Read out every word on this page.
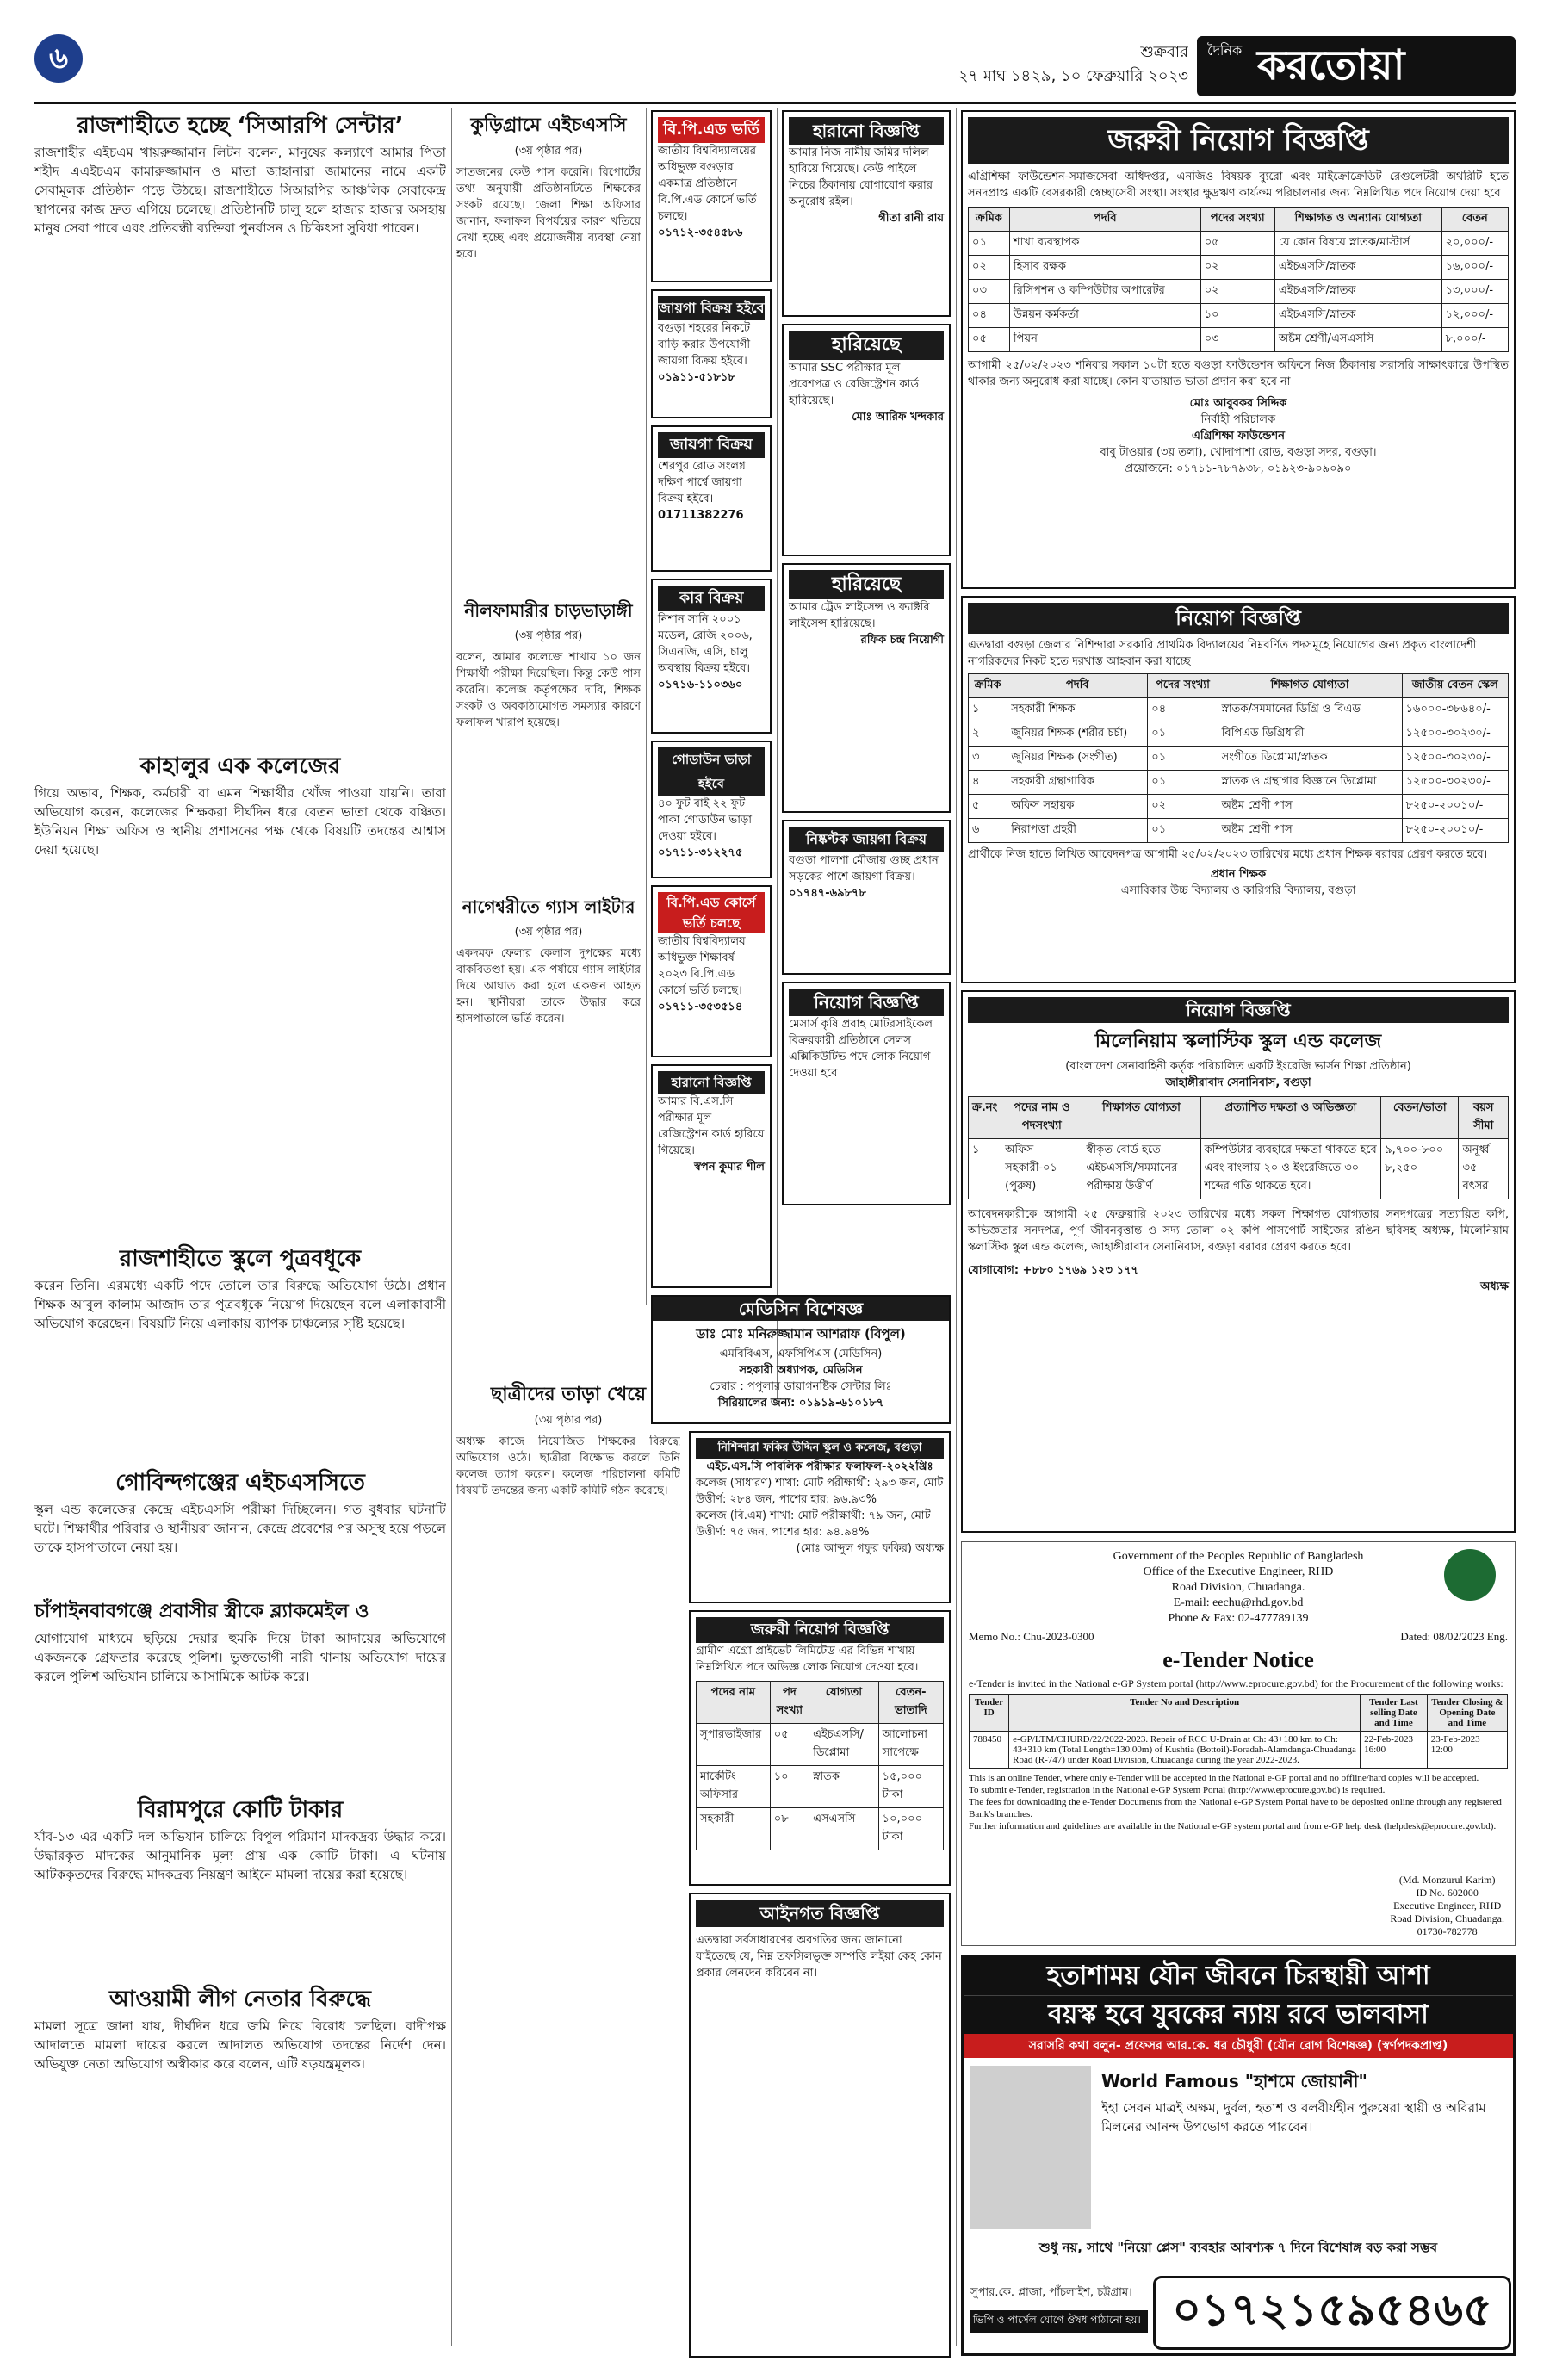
৬	শুক্রবার
২৭ মাঘ ১৪২৯, ১০ ফেব্রুয়ারি ২০২৩
দৈনিক করতোয়া
রাজশাহীতে হচ্ছে ‘সিআরপি সেন্টার’
রাজশাহীর এইচএম খায়রুজ্জামান লিটন বলেন, মানুষের কল্যাণে আমার পিতা শহীদ এএইচএম কামারুজ্জামান ও মাতা জাহানারা জামানের নামে একটি সেবামূলক প্রতিষ্ঠান গড়ে উঠছে। রাজশাহীতে সিআরপির আঞ্চলিক সেবাকেন্দ্র স্থাপনের কাজ দ্রুত এগিয়ে চলেছে। প্রতিষ্ঠানটি চালু হলে হাজার হাজার অসহায় মানুষ সেবা পাবে এবং প্রতিবন্ধী ব্যক্তিরা পুনর্বাসন ও চিকিৎসা সুবিধা পাবেন।
কাহালুর এক কলেজের
গিয়ে অভাব, শিক্ষক, কর্মচারী বা এমন শিক্ষার্থীর খোঁজ পাওয়া যায়নি। তারা অভিযোগ করেন, কলেজের শিক্ষকরা দীর্ঘদিন ধরে বেতন ভাতা থেকে বঞ্চিত। ইউনিয়ন শিক্ষা অফিস ও স্থানীয় প্রশাসনের পক্ষ থেকে বিষয়টি তদন্তের আশ্বাস দেয়া হয়েছে।
রাজশাহীতে স্কুলে পুত্রবধূকে
করেন তিনি। এরমধ্যে একটি পদে তোলে তার বিরুদ্ধে অভিযোগ উঠে। প্রধান শিক্ষক আবুল কালাম আজাদ তার পুত্রবধূকে নিয়োগ দিয়েছেন বলে এলাকাবাসী অভিযোগ করেছেন। বিষয়টি নিয়ে এলাকায় ব্যাপক চাঞ্চল্যের সৃষ্টি হয়েছে।
গোবিন্দগঞ্জের এইচএসসিতে
স্কুল এন্ড কলেজের কেন্দ্রে এইচএসসি পরীক্ষা দিচ্ছিলেন। গত বুধবার ঘটনাটি ঘটে। শিক্ষার্থীর পরিবার ও স্থানীয়রা জানান, কেন্দ্রে প্রবেশের পর অসুস্থ হয়ে পড়লে তাকে হাসপাতালে নেয়া হয়।
চাঁপাইনবাবগঞ্জে প্রবাসীর স্ত্রীকে ব্ল্যাকমেইল ও
যোগাযোগ মাধ্যমে ছড়িয়ে দেয়ার হুমকি দিয়ে টাকা আদায়ের অভিযোগে একজনকে গ্রেফতার করেছে পুলিশ। ভুক্তভোগী নারী থানায় অভিযোগ দায়ের করলে পুলিশ অভিযান চালিয়ে আসামিকে আটক করে।
বিরামপুরে কোটি টাকার
র্যাব-১৩ এর একটি দল অভিযান চালিয়ে বিপুল পরিমাণ মাদকদ্রব্য উদ্ধার করে। উদ্ধারকৃত মাদকের আনুমানিক মূল্য প্রায় এক কোটি টাকা। এ ঘটনায় আটককৃতদের বিরুদ্ধে মাদকদ্রব্য নিয়ন্ত্রণ আইনে মামলা দায়ের করা হয়েছে।
আওয়ামী লীগ নেতার বিরুদ্ধে
মামলা সূত্রে জানা যায়, দীর্ঘদিন ধরে জমি নিয়ে বিরোধ চলছিল। বাদীপক্ষ আদালতে মামলা দায়ের করলে আদালত অভিযোগ তদন্তের নির্দেশ দেন। অভিযুক্ত নেতা অভিযোগ অস্বীকার করে বলেন, এটি ষড়যন্ত্রমূলক।
কুড়িগ্রামে এইচএসসি
(৩য় পৃষ্ঠার পর)
সাতজনের কেউ পাস করেনি। রিপোর্টের তথ্য অনুযায়ী প্রতিষ্ঠানটিতে শিক্ষকের সংকট রয়েছে। জেলা শিক্ষা অফিসার জানান, ফলাফল বিপর্যয়ের কারণ খতিয়ে দেখা হচ্ছে এবং প্রয়োজনীয় ব্যবস্থা নেয়া হবে।
নীলফামারীর চাড়ভাড়াঙ্গী
(৩য় পৃষ্ঠার পর)
বলেন, আমার কলেজে শাখায় ১০ জন শিক্ষার্থী পরীক্ষা দিয়েছিল। কিন্তু কেউ পাস করেনি। কলেজ কর্তৃপক্ষের দাবি, শিক্ষক সংকট ও অবকাঠামোগত সমস্যার কারণে ফলাফল খারাপ হয়েছে।
নাগেশ্বরীতে গ্যাস লাইটার
(৩য় পৃষ্ঠার পর)
একদমফ ফেলার কেলাস দুপক্ষের মধ্যে বাকবিতণ্ডা হয়। এক পর্যায়ে গ্যাস লাইটার দিয়ে আঘাত করা হলে একজন আহত হন। স্থানীয়রা তাকে উদ্ধার করে হাসপাতালে ভর্তি করেন।
ছাত্রীদের তাড়া খেয়ে
(৩য় পৃষ্ঠার পর)
অধ্যক্ষ কাজে নিয়োজিত শিক্ষকের বিরুদ্ধে অভিযোগ ওঠে। ছাত্রীরা বিক্ষোভ করলে তিনি কলেজ ত্যাগ করেন। কলেজ পরিচালনা কমিটি বিষয়টি তদন্তের জন্য একটি কমিটি গঠন করেছে।
বি.পি.এড ভর্তি
জাতীয় বিশ্ববিদ্যালয়ের অধিভুক্ত বগুড়ার একমাত্র প্রতিষ্ঠানে বি.পি.এড কোর্সে ভর্তি চলছে।
০১৭১২-৩৫৪৫৮৬
জায়গা বিক্রয় হইবে
বগুড়া শহরের নিকটে বাড়ি করার উপযোগী জায়গা বিক্রয় হইবে।
০১৯১১-৫১৮১৮
জায়গা বিক্রয়
শেরপুর রোড সংলগ্ন দক্ষিণ পার্শ্বে জায়গা বিক্রয় হইবে।
01711382276
কার বিক্রয়
নিশান সানি ২০০১ মডেল, রেজি ২০০৬, সিএনজি, এসি, চালু অবস্থায় বিক্রয় হইবে।
০১৭১৬-১১০৩৬০
গোডাউন ভাড়া হইবে
৪০ ফুট বাই ২২ ফুট পাকা গোডাউন ভাড়া দেওয়া হইবে।
০১৭১১-৩১২২৭৫
বি.পি.এড কোর্সে ভর্তি চলছে
জাতীয় বিশ্ববিদ্যালয় অধিভুক্ত শিক্ষাবর্ষ ২০২৩ বি.পি.এড কোর্সে ভর্তি চলছে।
০১৭১১-৩৫৩৫১৪
হারানো বিজ্ঞপ্তি
আমার নিজ নামীয় জমির দলিল হারিয়ে গিয়েছে। কেউ পাইলে নিচের ঠিকানায় যোগাযোগ করার অনুরোধ রইল।
গীতা রানী রায়
হারিয়েছে
আমার SSC পরীক্ষার মূল প্রবেশপত্র ও রেজিস্ট্রেশন কার্ড হারিয়েছে।
মোঃ আরিফ খন্দকার
হারিয়েছে
আমার ট্রেড লাইসেন্স ও ফ্যাক্টরি লাইসেন্স হারিয়েছে।
রফিক চন্দ্র নিয়োগী
নিষ্কণ্টক জায়গা বিক্রয়
বগুড়া পালশা মৌজায় গুচ্ছ প্রধান সড়কের পাশে জায়গা বিক্রয়।
০১৭৪৭-৬৯৮৭৮
নিয়োগ বিজ্ঞপ্তি
মেসার্স কৃষি প্রবাহ মোটরসাইকেল বিক্রয়কারী প্রতিষ্ঠানে সেলস এক্সিকিউটিভ পদে লোক নিয়োগ দেওয়া হবে।
হারানো বিজ্ঞপ্তি
আমার বি.এস.সি পরীক্ষার মূল রেজিস্ট্রেশন কার্ড হারিয়ে গিয়েছে।
স্বপন কুমার শীল
মেডিসিন বিশেষজ্ঞ
ডাঃ মোঃ মনিরুজ্জামান আশরাফ (বিপুল)
এমবিবিএস, এফসিপিএস (মেডিসিন)
সহকারী অধ্যাপক, মেডিসিন
চেম্বার : পপুলার ডায়াগনষ্টিক সেন্টার লিঃ
সিরিয়ালের জন্য: ০১৯১৯-৬১০১৮৭
নিশিন্দারা ফকির উদ্দিন স্কুল ও কলেজ, বগুড়া
এইচ.এস.সি পাবলিক পরীক্ষার ফলাফল-২০২২খ্রিঃ
কলেজ (সাধারণ) শাখা: মোট পরীক্ষার্থী: ২৯৩ জন, মোট উত্তীর্ণ: ২৮৪ জন, পাশের হার: ৯৬.৯৩%
কলেজ (বি.এম) শাখা: মোট পরীক্ষার্থী: ৭৯ জন, মোট উত্তীর্ণ: ৭৫ জন, পাশের হার: ৯৪.৯৪%
(মোঃ আব্দুল গফুর ফকির) অধ্যক্ষ
জরুরী নিয়োগ বিজ্ঞপ্তি
গ্রামীণ এগ্রো প্রাইভেট লিমিটেড এর বিভিন্ন শাখায় নিম্নলিখিত পদে অভিজ্ঞ লোক নিয়োগ দেওয়া হবে।
পদের নাম	পদ সংখ্যা	যোগ্যতা	বেতন-ভাতাদি
সুপারভাইজার	০৫	এইচএসসি/ডিপ্লোমা	আলোচনা সাপেক্ষে
মার্কেটিং অফিসার	১০	স্নাতক	১৫,০০০ টাকা
সহকারী	০৮	এসএসসি	১০,০০০ টাকা
আইনগত বিজ্ঞপ্তি
এতদ্বারা সর্বসাধারণের অবগতির জন্য জানানো যাইতেছে যে, নিম্ন তফসিলভুক্ত সম্পত্তি লইয়া কেহ কোন প্রকার লেনদেন করিবেন না।
জরুরী নিয়োগ বিজ্ঞপ্তি
এগ্রিশিক্ষা ফাউন্ডেশন-সমাজসেবা অধিদপ্তর, এনজিও বিষয়ক ব্যুরো এবং মাইক্রোক্রেডিট রেগুলেটরী অথরিটি হতে সনদপ্রাপ্ত একটি বেসরকারী স্বেচ্ছাসেবী সংস্থা। সংস্থার ক্ষুদ্রঋণ কার্যক্রম পরিচালনার জন্য নিম্নলিখিত পদে নিয়োগ দেয়া হবে।
ক্রমিক	পদবি	পদের সংখ্যা	শিক্ষাগত ও অন্যান্য যোগ্যতা	বেতন
০১	শাখা ব্যবস্থাপক	০৫	যে কোন বিষয়ে স্নাতক/মাস্টার্স	২০,০০০/-
০২	হিসাব রক্ষক	০২	এইচএসসি/স্নাতক	১৬,০০০/-
০৩	রিসিপশন ও কম্পিউটার অপারেটর	০২	এইচএসসি/স্নাতক	১৩,০০০/-
০৪	উন্নয়ন কর্মকর্তা	১০	এইচএসসি/স্নাতক	১২,০০০/-
০৫	পিয়ন	০৩	অষ্টম শ্রেণী/এসএসসি	৮,০০০/-
আগামী ২৫/০২/২০২৩ শনিবার সকাল ১০টা হতে বগুড়া ফাউন্ডেশন অফিসে নিজ ঠিকানায় সরাসরি সাক্ষাৎকারে উপস্থিত থাকার জন্য অনুরোধ করা যাচ্ছে। কোন যাতায়াত ভাতা প্রদান করা হবে না।
মোঃ আবুবকর সিদ্দিক
নির্বাহী পরিচালক
এগ্রিশিক্ষা ফাউন্ডেশন
বাবু টাওয়ার (৩য় তলা), খোদাপাশা রোড, বগুড়া সদর, বগুড়া।
প্রয়োজনে: ০১৭১১-৭৮৭৯৩৮, ০১৯২৩-৯০৯০৯০
নিয়োগ বিজ্ঞপ্তি
এতদ্বারা বগুড়া জেলার নিশিন্দারা সরকারি প্রাথমিক বিদ্যালয়ের নিম্নবর্ণিত পদসমূহে নিয়োগের জন্য প্রকৃত বাংলাদেশী নাগরিকদের নিকট হতে দরখাস্ত আহবান করা যাচ্ছে।
ক্রমিক	পদবি	পদের সংখ্যা	শিক্ষাগত যোগ্যতা	জাতীয় বেতন স্কেল
১	সহকারী শিক্ষক	০৪	স্নাতক/সমমানের ডিগ্রি ও বিএড	১৬০০০-৩৮৬৪০/-
২	জুনিয়র শিক্ষক (শরীর চর্চা)	০১	বিপিএড ডিগ্রিধারী	১২৫০০-৩০২৩০/-
৩	জুনিয়র শিক্ষক (সংগীত)	০১	সংগীতে ডিপ্লোমা/স্নাতক	১২৫০০-৩০২৩০/-
৪	সহকারী গ্রন্থাগারিক	০১	স্নাতক ও গ্রন্থাগার বিজ্ঞানে ডিপ্লোমা	১২৫০০-৩০২৩০/-
৫	অফিস সহায়ক	০২	অষ্টম শ্রেণী পাস	৮২৫০-২০০১০/-
৬	নিরাপত্তা প্রহরী	০১	অষ্টম শ্রেণী পাস	৮২৫০-২০০১০/-
প্রার্থীকে নিজ হাতে লিখিত আবেদনপত্র আগামী ২৫/০২/২০২৩ তারিখের মধ্যে প্রধান শিক্ষক বরাবর প্রেরণ করতে হবে।
প্রধান শিক্ষক
এসাবিকার উচ্চ বিদ্যালয় ও কারিগরি বিদ্যালয়, বগুড়া
নিয়োগ বিজ্ঞপ্তি
মিলেনিয়াম স্কলাস্টিক স্কুল এন্ড কলেজ
(বাংলাদেশ সেনাবাহিনী কর্তৃক পরিচালিত একটি ইংরেজি ভার্সন শিক্ষা প্রতিষ্ঠান)
জাহাঙ্গীরাবাদ সেনানিবাস, বগুড়া
ক্র.নং	পদের নাম ও পদসংখ্যা	শিক্ষাগত যোগ্যতা	প্রত্যাশিত দক্ষতা ও অভিজ্ঞতা	বেতন/ভাতা	বয়স সীমা
১	অফিস সহকারী-০১ (পুরুষ)	স্বীকৃত বোর্ড হতে এইচএসসি/সমমানের পরীক্ষায় উত্তীর্ণ	কম্পিউটার ব্যবহারে দক্ষতা থাকতে হবে এবং বাংলায় ২০ ও ইংরেজিতে ৩০ শব্দের গতি থাকতে হবে।	৯,৭০০-৮০০ ৮,২৫০	অনূর্ধ্ব ৩৫ বৎসর
আবেদনকারীকে আগামী ২৫ ফেব্রুয়ারি ২০২৩ তারিখের মধ্যে সকল শিক্ষাগত যোগ্যতার সনদপত্রের সত্যায়িত কপি, অভিজ্ঞতার সনদপত্র, পূর্ণ জীবনবৃত্তান্ত ও সদ্য তোলা ০২ কপি পাসপোর্ট সাইজের রঙিন ছবিসহ অধ্যক্ষ, মিলেনিয়াম স্কলাস্টিক স্কুল এন্ড কলেজ, জাহাঙ্গীরাবাদ সেনানিবাস, বগুড়া বরাবর প্রেরণ করতে হবে।
যোগাযোগ: +৮৮০ ১৭৬৯ ১২৩ ১৭৭
অধ্যক্ষ
Government of the Peoples Republic of Bangladesh
Office of the Executive Engineer, RHD
Road Division, Chuadanga.
E-mail: eechu@rhd.gov.bd
Phone & Fax: 02-477789139
Memo No.: Chu-2023-0300	Dated: 08/02/2023 Eng.
e-Tender Notice
e-Tender is invited in the National e-GP System portal (http://www.eprocure.gov.bd) for the Procurement of the following works:
Tender ID	Tender No and Description	Tender Last selling Date and Time	Tender Closing & Opening Date and Time
788450	e-GP/LTM/CHURD/22/2022-2023. Repair of RCC U-Drain at Ch: 43+180 km to Ch: 43+310 km (Total Length=130.00m) of Kushtia (Bottoil)-Poradah-Alamdanga-Chuadanga Road (R-747) under Road Division, Chuadanga during the year 2022-2023.	22-Feb-2023 16:00	23-Feb-2023 12:00
This is an online Tender, where only e-Tender will be accepted in the National e-GP portal and no offline/hard copies will be accepted.
To submit e-Tender, registration in the National e-GP System Portal (http://www.eprocure.gov.bd) is required.
The fees for downloading the e-Tender Documents from the National e-GP System Portal have to be deposited online through any registered Bank's branches.
Further information and guidelines are available in the National e-GP system portal and from e-GP help desk (helpdesk@eprocure.gov.bd).
(Md. Monzurul Karim)
ID No. 602000
Executive Engineer, RHD
Road Division, Chuadanga.
01730-782778
হতাশাময় যৌন জীবনে চিরস্থায়ী আশা
বয়স্ক হবে যুবকের ন্যায় রবে ভালবাসা
সরাসরি কথা বলুন- প্রফেসর আর.কে. ধর চৌধুরী (যৌন রোগ বিশেষজ্ঞ) (স্বর্ণপদকপ্রাপ্ত)
World Famous "হাশমে জোয়ানী"
ইহা সেবন মাত্রই অক্ষম, দুর্বল, হতাশ ও বলবীর্যহীন পুরুষেরা স্থায়ী ও অবিরাম মিলনের আনন্দ উপভোগ করতে পারবেন।
শুধু নয়, সাথে "নিয়ো প্লেস" ব্যবহার আবশ্যক ৭ দিনে বিশেষাঙ্গ বড় করা সম্ভব
সুপার.কে. প্লাজা, পাঁচলাইশ, চট্টগ্রাম।
ভিপি ও পার্সেল যোগে ঔষধ পাঠানো হয়। ০১৭২১৫৯৫৪৬৫
